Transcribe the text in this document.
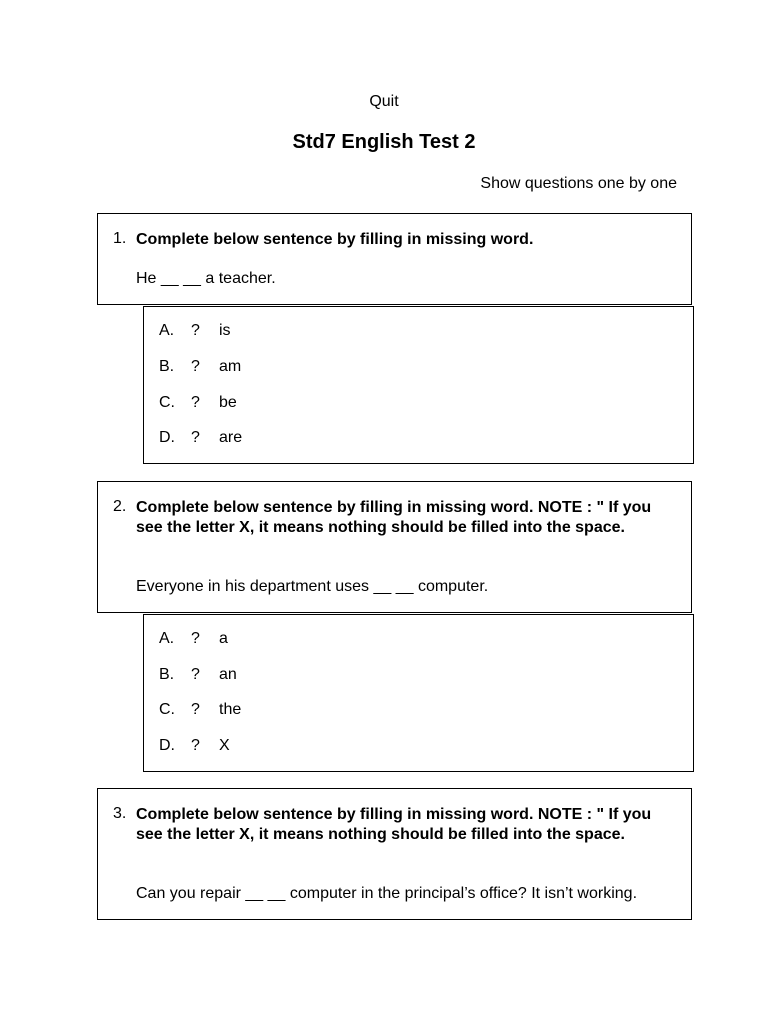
Quit
Std7 English Test 2
Show questions one by one
1. Complete below sentence by filling in missing word.
He __ __ a teacher.
A.	?	is
B.	?	am
C.	?	be
D.	?	are
2. Complete below sentence by filling in missing word. NOTE : " If you see the letter X, it means nothing should be filled into the space.
Everyone in his department uses __ __ computer.
A.	?	a
B.	?	an
C.	?	the
D.	?	X
3. Complete below sentence by filling in missing word. NOTE : " If you see the letter X, it means nothing should be filled into the space.
Can you repair __ __ computer in the principal’s office? It isn’t working.
